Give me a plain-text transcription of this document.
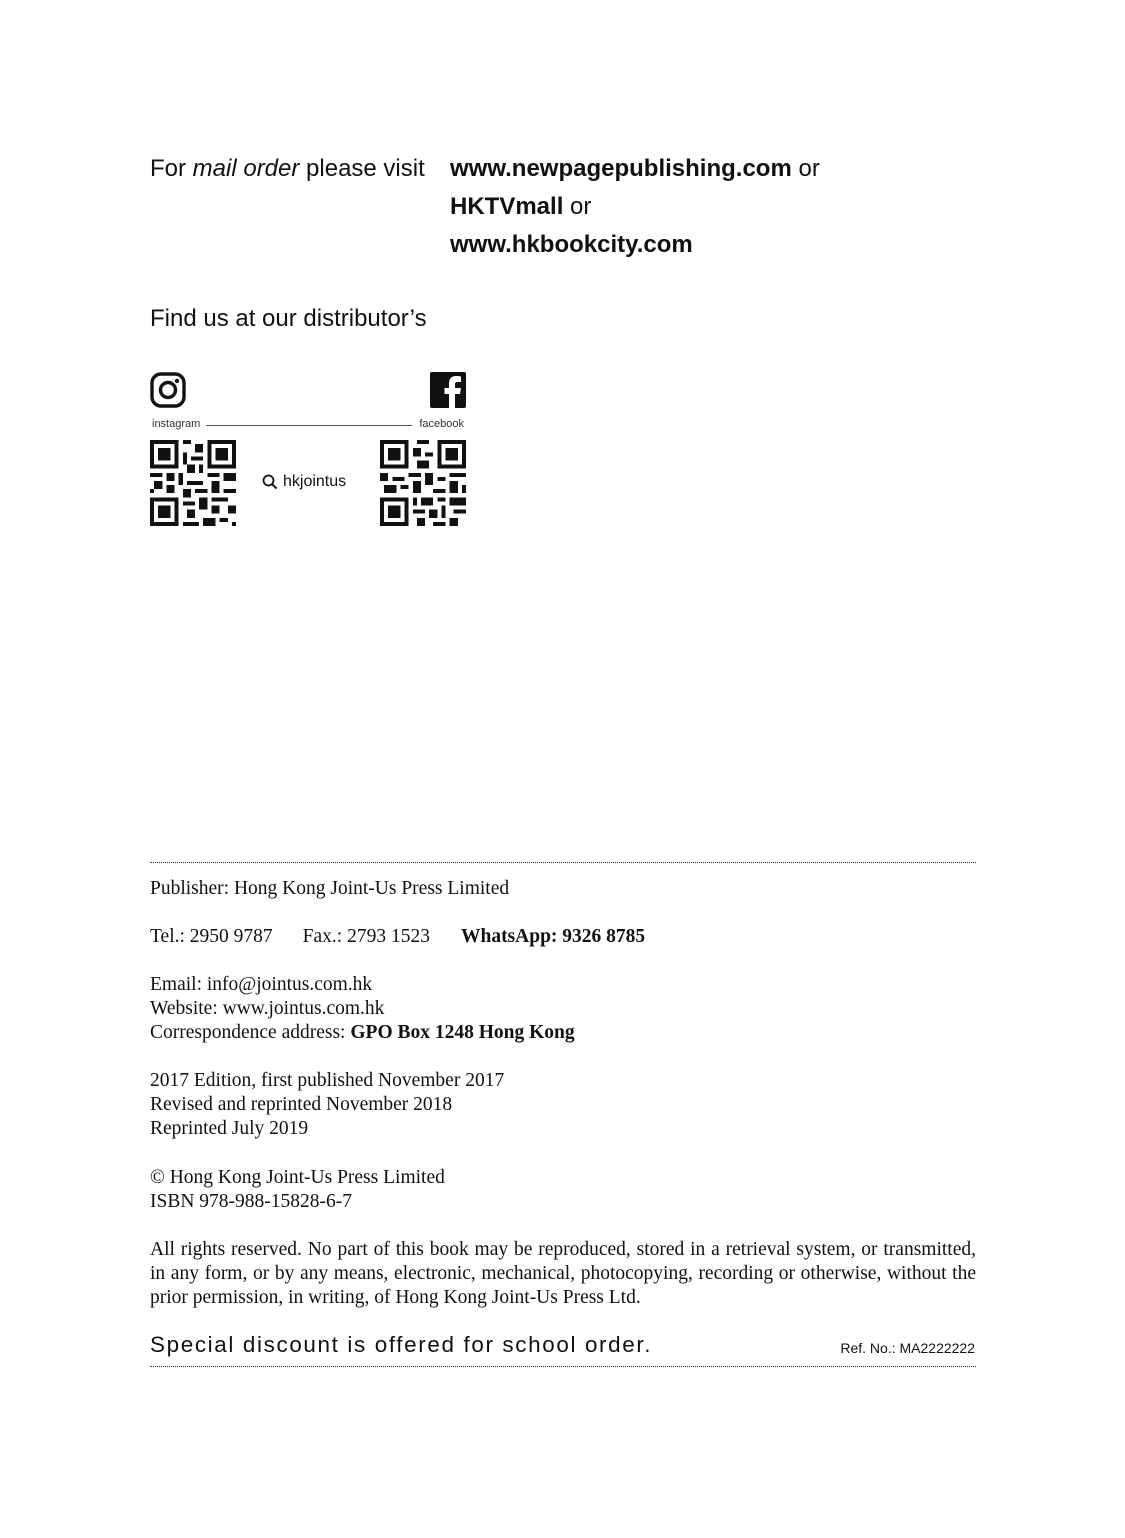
For mail order please visit www.newpagepublishing.com or
HKTVmall or
www.hkbookcity.com
Find us at our distributor’s
instagram	facebook
hkjointus
Publisher: Hong Kong Joint-Us Press Limited
Tel.: 2950 9787 Fax.: 2793 1523 WhatsApp: 9326 8785
Email: info@jointus.com.hk
Website: www.jointus.com.hk
Correspondence address: GPO Box 1248 Hong Kong
2017 Edition, first published November 2017
Revised and reprinted November 2018
Reprinted July 2019
© Hong Kong Joint-Us Press Limited
ISBN 978-988-15828-6-7
All rights reserved. No part of this book may be reproduced, stored in a retrieval system, or transmitted, in any form, or by any means, electronic, mechanical, photocopying, recording or otherwise, without the prior permission, in writing, of Hong Kong Joint-Us Press Ltd.
Special discount is offered for school order.	Ref. No.: MA2222222
